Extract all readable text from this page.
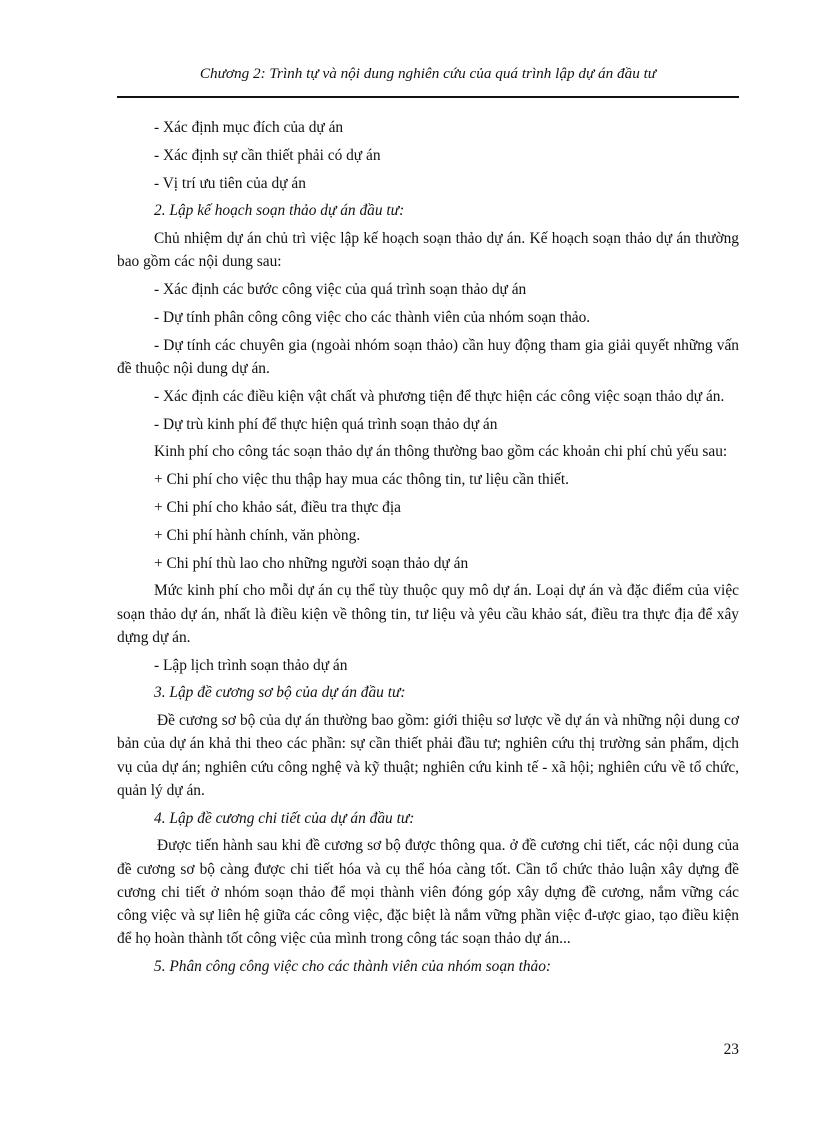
Chương 2: Trình tự và nội dung nghiên cứu của quá trình lập dự án đầu tư

- Xác định mục đích của dự án

- Xác định sự cần thiết phải có dự án

- Vị trí ưu tiên của dự án

2. Lập kế hoạch soạn thảo dự án đầu tư:

Chủ nhiệm dự án chủ trì việc lập kế hoạch soạn thảo dự án. Kế hoạch soạn thảo dự án thường bao gồm các nội dung sau:

- Xác định các bước công việc của quá trình soạn thảo dự án

- Dự tính phân công công việc cho các thành viên của nhóm soạn thảo.

- Dự tính các chuyên gia (ngoài nhóm soạn thảo) cần huy động tham gia giải quyết những vấn đề thuộc nội dung dự án.

- Xác định các điều kiện vật chất và phương tiện để thực hiện các công việc soạn thảo dự án.

- Dự trù kinh phí để thực hiện quá trình soạn thảo dự án

Kinh phí cho công tác soạn thảo dự án thông thường bao gồm các khoản chi phí chủ yếu sau:

+ Chi phí cho việc thu thập hay mua các thông tin, tư liệu cần thiết.

+ Chi phí cho khảo sát, điều tra thực địa

+ Chi phí hành chính, văn phòng.

+ Chi phí thù lao cho những người soạn thảo dự án

Mức kinh phí cho mỗi dự án cụ thể tùy thuộc quy mô dự án. Loại dự án và đặc điểm của việc soạn thảo dự án, nhất là điều kiện về thông tin, tư liệu và yêu cầu khảo sát, điều tra thực địa để xây dựng dự án.

- Lập lịch trình soạn thảo dự án

3. Lập đề cương sơ bộ của dự án đầu tư:

Đề cương sơ bộ của dự án thường bao gồm: giới thiệu sơ lược về dự án và những nội dung cơ bản của dự án khả thi theo các phần: sự cần thiết phải đầu tư; nghiên cứu thị trường sản phẩm, dịch vụ của dự án; nghiên cứu công nghệ và kỹ thuật; nghiên cứu kinh tế - xã hội; nghiên cứu về tổ chức, quản lý dự án.

4. Lập đề cương chi tiết của dự án đầu tư:

Được tiến hành sau khi đề cương sơ bộ được thông qua. ở đề cương chi tiết, các nội dung của đề cương sơ bộ càng được chi tiết hóa và cụ thể hóa càng tốt. Cần tổ chức thảo luận xây dựng đề cương chi tiết ở nhóm soạn thảo để mọi thành viên đóng góp xây dựng đề cương, nắm vững các công việc và sự liên hệ giữa các công việc, đặc biệt là nắm vững phần việc đ-ược giao, tạo điều kiện để họ hoàn thành tốt công việc của mình trong công tác soạn thảo dự án...

5. Phân công công việc cho các thành viên của nhóm soạn thảo:

23
